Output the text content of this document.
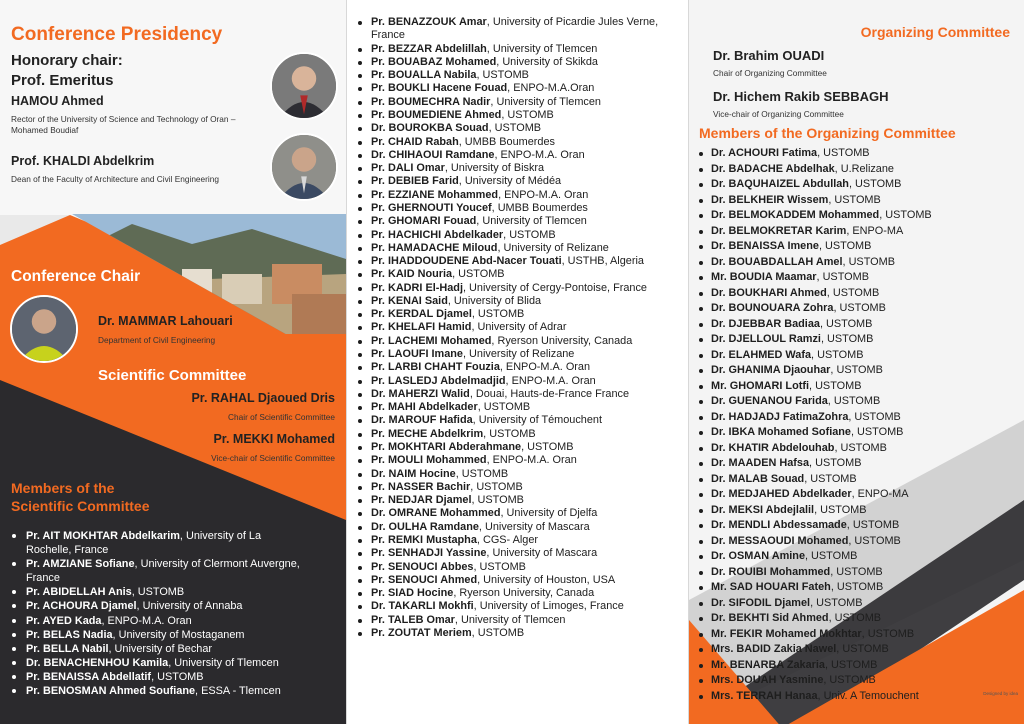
Conference Presidency
Honorary chair:
Prof. Emeritus
HAMOU Ahmed
Rector of the University of Science and Technology of Oran – Mohamed Boudiaf
Prof. KHALDI Abdelkrim
Dean of the Faculty of Architecture and Civil Engineering
Conference Chair
Dr. MAMMAR Lahouari
Department of Civil Engineering
Scientific Committee
Pr. RAHAL Djaoued Dris
Chair of Scientific Committee
Pr. MEKKI Mohamed
Vice-chair of Scientific Committee
Members of the
Scientific Committee
Pr. AIT MOKHTAR Abdelkarim, University of La Rochelle, France
Pr. AMZIANE Sofiane, University of Clermont Auvergne, France
Pr. ABIDELLAH Anis, USTOMB
Pr. ACHOURA Djamel, University of Annaba
Pr. AYED Kada, ENPO-M.A. Oran
Pr. BELAS Nadia, University of Mostaganem
Pr. BELLA Nabil, University of Bechar
Dr. BENACHENHOU Kamila, University of Tlemcen
Pr. BENAISSA Abdellatif, USTOMB
Pr. BENOSMAN Ahmed Soufiane, ESSA - Tlemcen
Pr. BENAZZOUK Amar, University of Picardie Jules Verne, France
Pr. BEZZAR Abdelillah, University of Tlemcen
Pr. BOUABAZ Mohamed, University of Skikda
Pr. BOUALLA Nabila, USTOMB
Pr. BOUKLI Hacene Fouad, ENPO-M.A.Oran
Pr. BOUMECHRA Nadir, University of Tlemcen
Pr. BOUMEDIENE Ahmed, USTOMB
Dr. BOUROKBA Souad, USTOMB
Pr. CHAID Rabah, UMBB Boumerdes
Dr. CHIHAOUI Ramdane, ENPO-M.A. Oran
Pr. DALI Omar, University of Biskra
Pr. DEBIEB Farid, University of Médéa
Pr. EZZIANE Mohammed, ENPO-M.A. Oran
Pr. GHERNOUTI Youcef, UMBB Boumerdes
Pr. GHOMARI Fouad, University of Tlemcen
Pr. HACHICHI Abdelkader, USTOMB
Pr. HAMADACHE Miloud, University of Relizane
Pr. IHADDOUDENE Abd-Nacer Touati, USTHB, Algeria
Pr. KAID Nouria, USTOMB
Pr. KADRI El-Hadj, University of Cergy-Pontoise, France
Pr. KENAI Said, University of Blida
Pr. KERDAL Djamel, USTOMB
Pr. KHELAFI Hamid, University of Adrar
Pr. LACHEMI Mohamed, Ryerson University, Canada
Pr. LAOUFI Imane, University of Relizane
Pr. LARBI CHAHT Fouzia, ENPO-M.A. Oran
Pr. LASLEDJ Abdelmadjid, ENPO-M.A. Oran
Dr. MAHERZI Walid, Douai, Hauts-de-France France
Pr. MAHI Abdelkader, USTOMB
Dr. MAROUF Hafida, University of Témouchent
Pr. MECHE Abdelkrim, USTOMB
Pr. MOKHTARI Abderahmane, USTOMB
Pr. MOULI Mohammed, ENPO-M.A. Oran
Dr. NAIM Hocine, USTOMB
Pr. NASSER Bachir, USTOMB
Pr. NEDJAR Djamel, USTOMB
Dr. OMRANE Mohammed, University of Djelfa
Dr. OULHA Ramdane, University of Mascara
Pr. REMKI Mustapha, CGS- Alger
Pr. SENHADJI Yassine, University of Mascara
Pr. SENOUCI Abbes, USTOMB
Pr. SENOUCI Ahmed, University of Houston, USA
Pr. SIAD Hocine, Ryerson University, Canada
Dr. TAKARLI Mokhfi, University of Limoges, France
Pr. TALEB Omar, University of Tlemcen
Pr. ZOUTAT Meriem, USTOMB
Organizing Committee
Dr. Brahim OUADI
Chair of Organizing Committee
Dr. Hichem Rakib SEBBAGH
Vice-chair of Organizing Committee
Members of the Organizing Committee
Dr. ACHOURI Fatima, USTOMB
Dr. BADACHE Abdelhak, U.Relizane
Dr. BAQUHAIZEL Abdullah, USTOMB
Dr. BELKHEIR Wissem, USTOMB
Dr. BELMOKADDEM Mohammed, USTOMB
Dr. BELMOKRETAR Karim, ENPO-MA
Dr. BENAISSA Imene, USTOMB
Dr. BOUABDALLAH Amel, USTOMB
Mr. BOUDIA Maamar, USTOMB
Dr. BOUKHARI Ahmed, USTOMB
Dr. BOUNOUARA Zohra, USTOMB
Dr. DJEBBAR Badiaa, USTOMB
Dr. DJELLOUL Ramzi, USTOMB
Dr. ELAHMED Wafa, USTOMB
Dr. GHANIMA Djaouhar, USTOMB
Mr. GHOMARI Lotfi, USTOMB
Dr. GUENANOU Farida, USTOMB
Dr. HADJADJ FatimaZohra, USTOMB
Dr. IBKA Mohamed Sofiane, USTOMB
Dr. KHATIR Abdelouhab, USTOMB
Dr. MAADEN Hafsa, USTOMB
Dr. MALAB Souad, USTOMB
Dr. MEDJAHED Abdelkader, ENPO-MA
Dr. MEKSI Abdejlalil, USTOMB
Dr. MENDLI Abdessamade, USTOMB
Dr. MESSAOUDI Mohamed, USTOMB
Dr. OSMAN Amine, USTOMB
Dr. ROUIBI Mohammed, USTOMB
Mr. SAD HOUARI Fateh, USTOMB
Dr. SIFODIL Djamel, USTOMB
Dr. BEKHTI Sid Ahmed, USTOMB
Mr. FEKIR Mohamed Mokhtar, USTOMB
Mrs. BADID Zakia Nawel, USTOMB
Mr. BENARBA Zakaria, USTOMB
Mrs. DOUAH Yasmine, USTOMB
Mrs. TERRAH Hanaa, Univ. A Temouchent	Designed by idea
